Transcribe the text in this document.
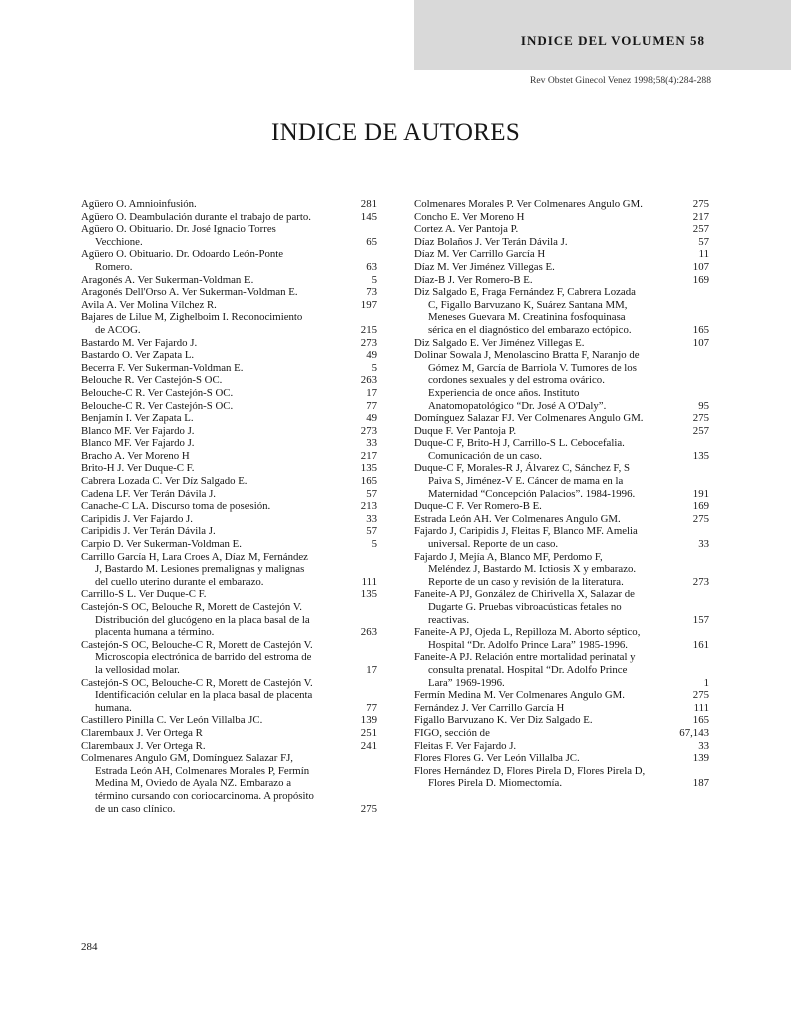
INDICE DEL VOLUMEN 58
Rev Obstet Ginecol Venez 1998;58(4):284-288
INDICE DE AUTORES
Agüero O. Amnioinfusión.	281
Agüero O. Deambulación durante el trabajo de parto.	145
Agüero O. Obituario. Dr. José Ignacio Torres Vecchione.	65
Agüero O. Obituario. Dr. Odoardo León-Ponte Romero.	63
Aragonés A. Ver Sukerman-Voldman E.	5
Aragonés Dell'Orso A. Ver Sukerman-Voldman E.	73
Avila A. Ver Molina Vílchez R.	197
Bajares de Lilue M, Zighelboim I. Reconocimiento de ACOG.	215
Bastardo M. Ver Fajardo J.	273
Bastardo O. Ver Zapata L.	49
Becerra F. Ver Sukerman-Voldman E.	5
Belouche R. Ver Castejón-S OC.	263
Belouche-C R. Ver Castejón-S OC.	17
Belouche-C R. Ver Castejón-S OC.	77
Benjamín I. Ver Zapata L.	49
Blanco MF. Ver Fajardo J.	273
Blanco MF. Ver Fajardo J.	33
Bracho A. Ver Moreno H	217
Brito-H J. Ver Duque-C F.	135
Cabrera Lozada C. Ver Díz Salgado E.	165
Cadena LF. Ver Terán Dávila J.	57
Canache-C LA. Discurso toma de posesión.	213
Caripidis J. Ver Fajardo J.	33
Caripidis J. Ver Terán Dávila J.	57
Carpio D. Ver Sukerman-Voldman E.	5
Carrillo García H, Lara Croes A, Díaz M, Fernández J, Bastardo M. Lesiones premalignas y malignas del cuello uterino durante el embarazo.	111
Carrillo-S L. Ver Duque-C F.	135
Castejón-S OC, Belouche R, Morett de Castejón V. Distribución del glucógeno en la placa basal de la placenta humana a término.	263
Castejón-S OC, Belouche-C R, Morett de Castejón V. Microscopia electrónica de barrido del estroma de la vellosidad molar.	17
Castejón-S OC, Belouche-C R, Morett de Castejón V. Identificación celular en la placa basal de placenta humana.	77
Castillero Pinilla C. Ver León Villalba JC.	139
Clarembaux J. Ver Ortega R	251
Clarembaux J. Ver Ortega R.	241
Colmenares Angulo GM, Domínguez Salazar FJ, Estrada León AH, Colmenares Morales P, Fermín Medina M, Oviedo de Ayala NZ. Embarazo a término cursando con coriocarcinoma. A propósito de un caso clínico.	275
Colmenares Morales P. Ver Colmenares Angulo GM.	275
Concho E. Ver Moreno H	217
Cortez A. Ver Pantoja P.	257
Díaz Bolaños J. Ver Terán Dávila J.	57
Díaz M. Ver Carrillo García H	11
Díaz M. Ver Jiménez Villegas E.	107
Díaz-B J. Ver Romero-B E.	169
Diz Salgado E, Fraga Fernández F, Cabrera Lozada C, Figallo Barvuzano K, Suárez Santana MM, Meneses Guevara M. Creatinina fosfoquinasa sérica en el diagnóstico del embarazo ectópico.	165
Diz Salgado E. Ver Jiménez Villegas E.	107
Dolinar Sowala J, Menolascino Bratta F, Naranjo de Gómez M, García de Barriola V. Tumores de los cordones sexuales y del estroma ovárico. Experiencia de once años. Instituto Anatomopatológico “Dr. José A O'Daly”.	95
Domínguez Salazar FJ. Ver Colmenares Angulo GM.	275
Duque F. Ver Pantoja P.	257
Duque-C F, Brito-H J, Carrillo-S L. Cebocefalia. Comunicación de un caso.	135
Duque-C F, Morales-R J, Álvarez C, Sánchez F, S Paiva S, Jiménez-V E. Cáncer de mama en la Maternidad “Concepción Palacios”. 1984-1996.	191
Duque-C F. Ver Romero-B E.	169
Estrada León AH. Ver Colmenares Angulo GM.	275
Fajardo J, Caripidis J, Fleitas F, Blanco MF. Amelia universal. Reporte de un caso.	33
Fajardo J, Mejía A, Blanco MF, Perdomo F, Meléndez J, Bastardo M. Ictiosis X y embarazo. Reporte de un caso y revisión de la literatura.	273
Faneite-A PJ, González de Chirivella X, Salazar de Dugarte G. Pruebas vibroacústicas fetales no reactivas.	157
Faneite-A PJ, Ojeda L, Repilloza M. Aborto séptico, Hospital “Dr. Adolfo Prince Lara” 1985-1996.	161
Faneite-A PJ. Relación entre mortalidad perinatal y consulta prenatal. Hospital “Dr. Adolfo Prince Lara” 1969-1996.	1
Fermín Medina M. Ver Colmenares Angulo GM.	275
Fernández J. Ver Carrillo García H	111
Figallo Barvuzano K. Ver Diz Salgado E.	165
FIGO, sección de	67,143
Fleitas F. Ver Fajardo J.	33
Flores Flores G. Ver León Villalba JC.	139
Flores Hernández D, Flores Pirela D, Flores Pirela D, Flores Pirela D. Miomectomía.	187
284
